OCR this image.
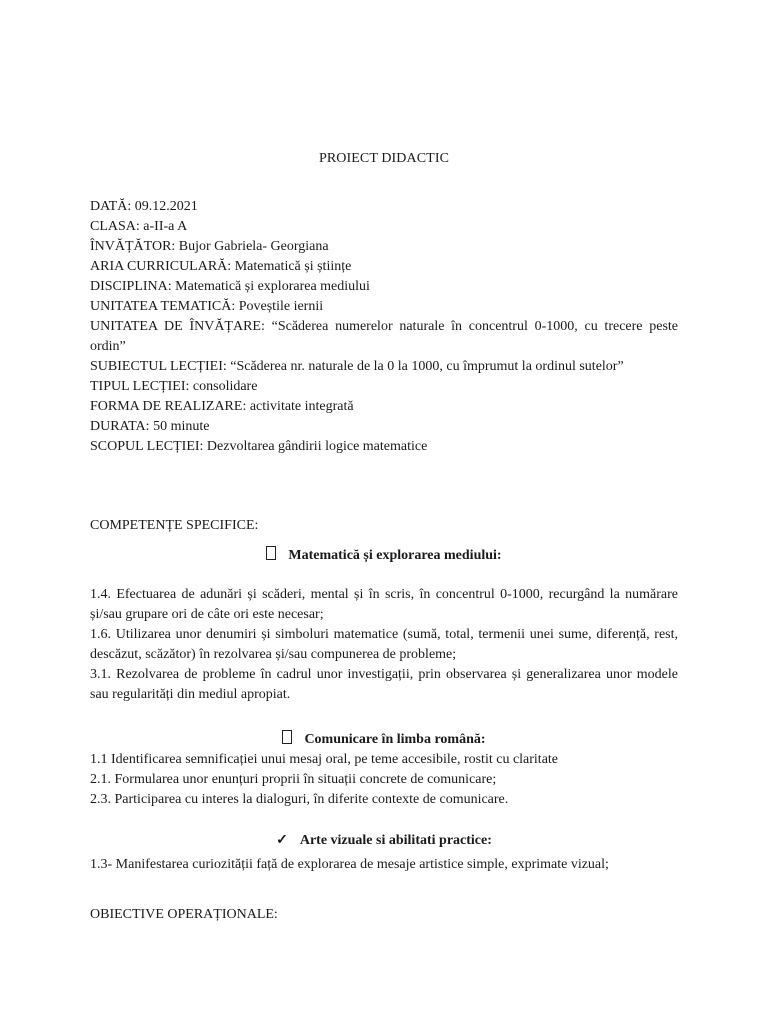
PROIECT DIDACTIC
DATĂ: 09.12.2021
CLASA: a-II-a A
ÎNVĂȚĂTOR: Bujor Gabriela- Georgiana
ARIA CURRICULARĂ: Matematică și științe
DISCIPLINA: Matematică și explorarea mediului
UNITATEA TEMATICĂ: Poveștile iernii
UNITATEA DE ÎNVĂȚARE: “Scăderea numerelor naturale în concentrul 0-1000, cu trecere peste ordin”
SUBIECTUL LECȚIEI: “Scăderea nr. naturale de la 0 la 1000, cu împrumut la ordinul sutelor”
TIPUL LECȚIEI: consolidare
FORMA DE REALIZARE: activitate integrată
DURATA: 50 minute
SCOPUL LECȚIEI: Dezvoltarea gândirii logice matematice
COMPETENȚE SPECIFICE:
Matematică și explorarea mediului:
1.4. Efectuarea de adunări și scăderi, mental și în scris, în concentrul 0-1000, recurgând la numărare și/sau grupare ori de câte ori este necesar;
1.6. Utilizarea unor denumiri și simboluri matematice (sumă, total, termenii unei sume, diferență, rest, descăzut, scăzător) în rezolvarea și/sau compunerea de probleme;
3.1. Rezolvarea de probleme în cadrul unor investigații, prin observarea și generalizarea unor modele sau regularități din mediul apropiat.
Comunicare în limba română:
1.1 Identificarea semnificației unui mesaj oral, pe teme accesibile, rostit cu claritate
2.1. Formularea unor enunțuri proprii în situații concrete de comunicare;
2.3. Participarea cu interes la dialoguri, în diferite contexte de comunicare.
✓ Arte vizuale si abilitati practice:
1.3- Manifestarea curiozității față de explorarea de mesaje artistice simple, exprimate vizual;
OBIECTIVE OPERAȚIONALE:
